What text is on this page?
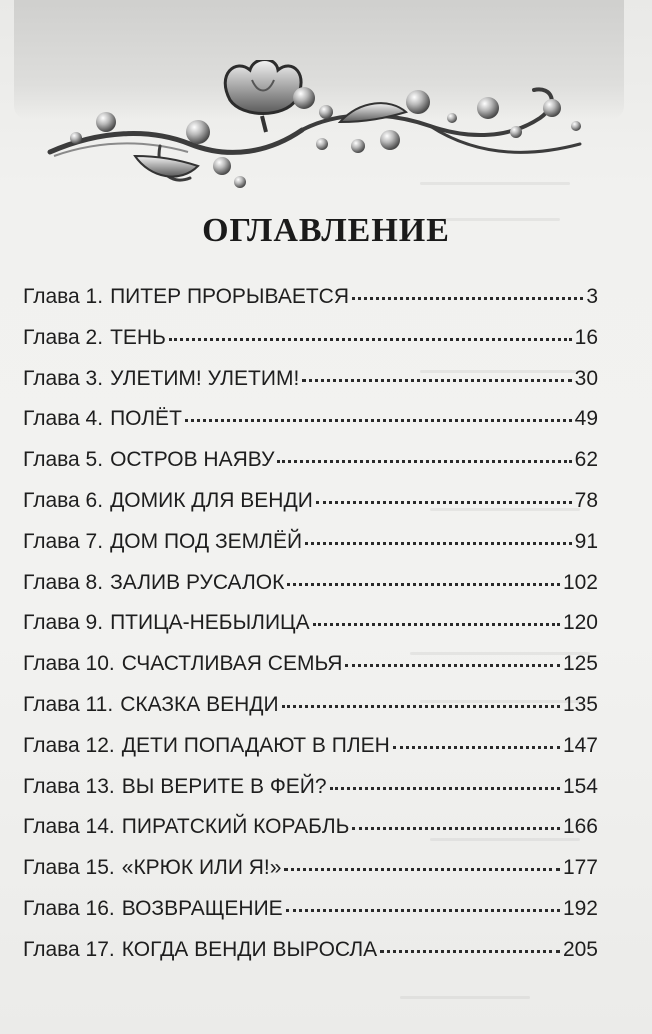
ОГЛАВЛЕНИЕ
Глава 1. ПИТЕР ПРОРЫВАЕТСЯ	3
Глава 2. ТЕНЬ	16
Глава 3. УЛЕТИМ! УЛЕТИМ!	30
Глава 4. ПОЛЁТ	49
Глава 5. ОСТРОВ НАЯВУ	62
Глава 6. ДОМИК ДЛЯ ВЕНДИ	78
Глава 7. ДОМ ПОД ЗЕМЛЁЙ	91
Глава 8. ЗАЛИВ РУСАЛОК	102
Глава 9. ПТИЦА-НЕБЫЛИЦА	120
Глава 10. СЧАСТЛИВАЯ СЕМЬЯ	125
Глава 11. СКАЗКА ВЕНДИ	135
Глава 12. ДЕТИ ПОПАДАЮТ В ПЛЕН	147
Глава 13. ВЫ ВЕРИТЕ В ФЕЙ?	154
Глава 14. ПИРАТСКИЙ КОРАБЛЬ	166
Глава 15. «КРЮК ИЛИ Я!»	177
Глава 16. ВОЗВРАЩЕНИЕ	192
Глава 17. КОГДА ВЕНДИ ВЫРОСЛА	205
